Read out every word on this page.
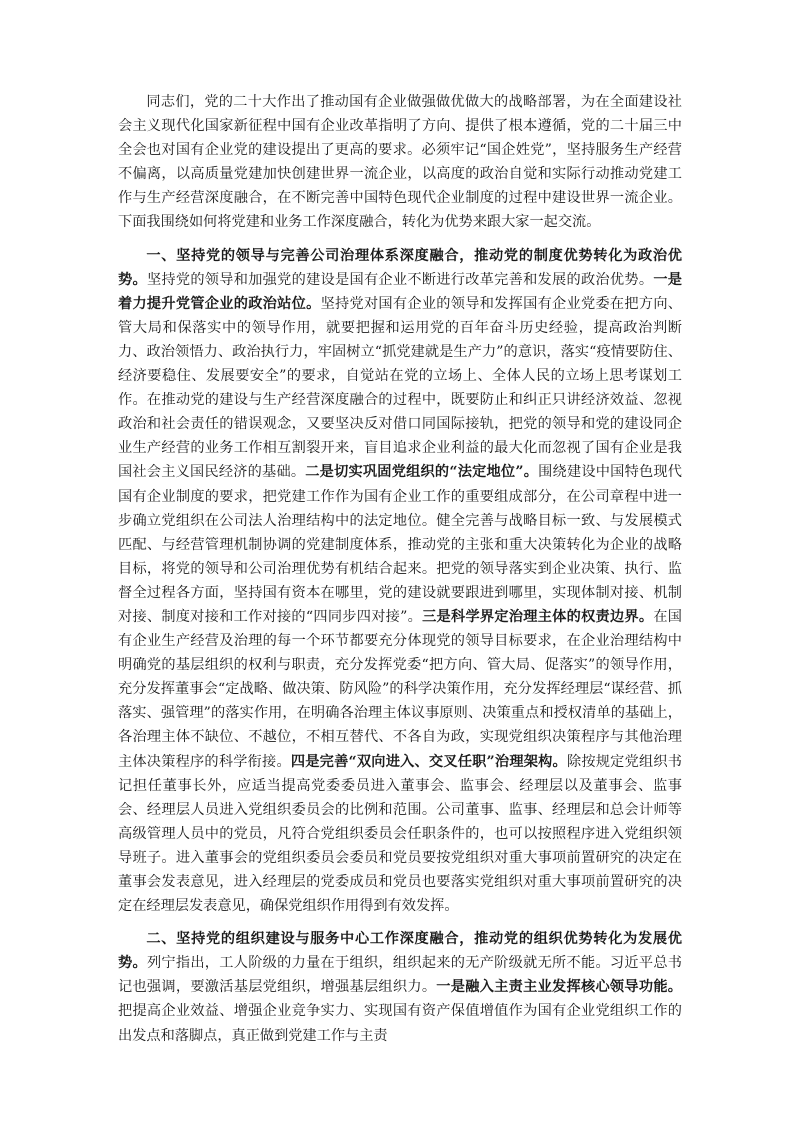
同志们，党的二十大作出了推动国有企业做强做优做大的战略部署，为在全面建设社会主义现代化国家新征程中国有企业改革指明了方向、提供了根本遵循，党的二十届三中全会也对国有企业党的建设提出了更高的要求。必须牢记“国企姓党”，坚持服务生产经营不偏离，以高质量党建加快创建世界一流企业，以高度的政治自觉和实际行动推动党建工作与生产经营深度融合，在不断完善中国特色现代企业制度的过程中建设世界一流企业。下面我围绕如何将党建和业务工作深度融合，转化为优势来跟大家一起交流。

一、坚持党的领导与完善公司治理体系深度融合，推动党的制度优势转化为政治优势。坚持党的领导和加强党的建设是国有企业不断进行改革完善和发展的政治优势。一是着力提升党管企业的政治站位。坚持党对国有企业的领导和发挥国有企业党委在把方向、管大局和保落实中的领导作用，就要把握和运用党的百年奋斗历史经验，提高政治判断力、政治领悟力、政治执行力，牢固树立“抓党建就是生产力”的意识，落实“疫情要防住、经济要稳住、发展要安全”的要求，自觉站在党的立场上、全体人民的立场上思考谋划工作。在推动党的建设与生产经营深度融合的过程中，既要防止和纠正只讲经济效益、忽视政治和社会责任的错误观念，又要坚决反对借口同国际接轨，把党的领导和党的建设同企业生产经营的业务工作相互割裂开来，盲目追求企业利益的最大化而忽视了国有企业是我国社会主义国民经济的基础。二是切实巩固党组织的“法定地位”。围绕建设中国特色现代国有企业制度的要求，把党建工作作为国有企业工作的重要组成部分，在公司章程中进一步确立党组织在公司法人治理结构中的法定地位。健全完善与战略目标一致、与发展模式匹配、与经营管理机制协调的党建制度体系，推动党的主张和重大决策转化为企业的战略目标，将党的领导和公司治理优势有机结合起来。把党的领导落实到企业决策、执行、监督全过程各方面，坚持国有资本在哪里，党的建设就要跟进到哪里，实现体制对接、机制对接、制度对接和工作对接的“四同步四对接”。三是科学界定治理主体的权责边界。在国有企业生产经营及治理的每一个环节都要充分体现党的领导目标要求，在企业治理结构中明确党的基层组织的权利与职责，充分发挥党委“把方向、管大局、促落实”的领导作用，充分发挥董事会“定战略、做决策、防风险”的科学决策作用，充分发挥经理层“谋经营、抓落实、强管理”的落实作用，在明确各治理主体议事原则、决策重点和授权清单的基础上，各治理主体不缺位、不越位，不相互替代、不各自为政，实现党组织决策程序与其他治理主体决策程序的科学衔接。四是完善“双向进入、交叉任职”治理架构。除按规定党组织书记担任董事长外，应适当提高党委委员进入董事会、监事会、经理层以及董事会、监事会、经理层人员进入党组织委员会的比例和范围。公司董事、监事、经理层和总会计师等高级管理人员中的党员，凡符合党组织委员会任职条件的，也可以按照程序进入党组织领导班子。进入董事会的党组织委员会委员和党员要按党组织对重大事项前置研究的决定在董事会发表意见，进入经理层的党委成员和党员也要落实党组织对重大事项前置研究的决定在经理层发表意见，确保党组织作用得到有效发挥。

二、坚持党的组织建设与服务中心工作深度融合，推动党的组织优势转化为发展优势。列宁指出，工人阶级的力量在于组织，组织起来的无产阶级就无所不能。习近平总书记也强调，要激活基层党组织，增强基层组织力。一是融入主责主业发挥核心领导功能。把提高企业效益、增强企业竞争实力、实现国有资产保值增值作为国有企业党组织工作的出发点和落脚点，真正做到党建工作与主责
